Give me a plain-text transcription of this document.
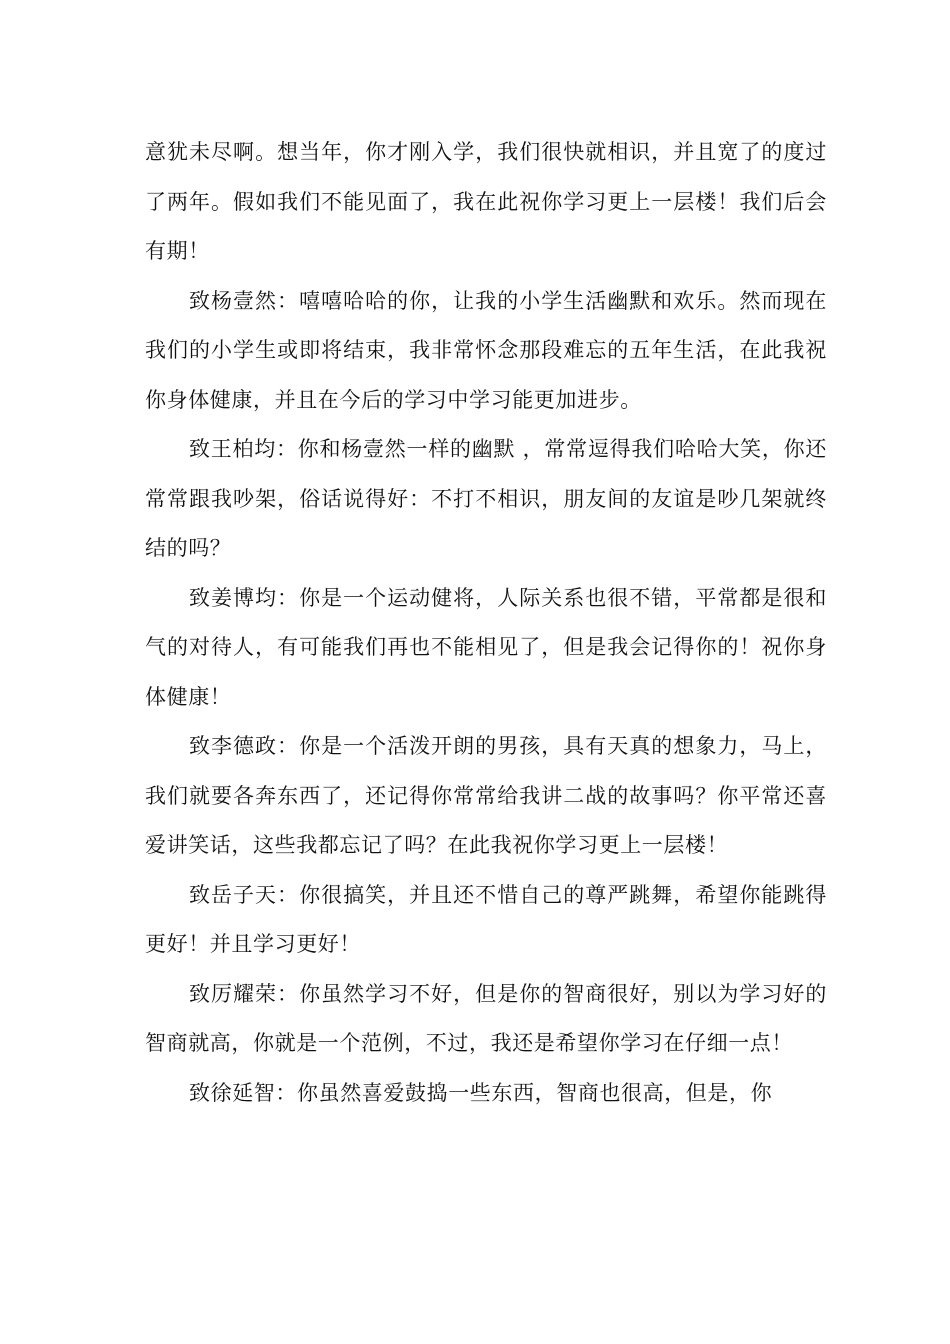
意犹未尽啊。想当年，你才刚入学，我们很快就相识，并且宽了的度过了两年。假如我们不能见面了，我在此祝你学习更上一层楼！我们后会有期！

致杨壹然：嘻嘻哈哈的你，让我的小学生活幽默和欢乐。然而现在我们的小学生或即将结束，我非常怀念那段难忘的五年生活，在此我祝你身体健康，并且在今后的学习中学习能更加进步。

致王柏均：你和杨壹然一样的幽默 ，常常逗得我们哈哈大笑，你还常常跟我吵架，俗话说得好：不打不相识，朋友间的友谊是吵几架就终结的吗？

致姜博均：你是一个运动健将，人际关系也很不错，平常都是很和气的对待人，有可能我们再也不能相见了，但是我会记得你的！祝你身体健康！

致李德政：你是一个活泼开朗的男孩，具有天真的想象力，马上，我们就要各奔东西了，还记得你常常给我讲二战的故事吗？你平常还喜爱讲笑话，这些我都忘记了吗？在此我祝你学习更上一层楼！

致岳子天：你很搞笑，并且还不惜自己的尊严跳舞，希望你能跳得更好！并且学习更好！

致厉耀荣：你虽然学习不好，但是你的智商很好，别以为学习好的智商就高，你就是一个范例，不过，我还是希望你学习在仔细一点！

致徐延智：你虽然喜爱鼓捣一些东西，智商也很高，但是，你
